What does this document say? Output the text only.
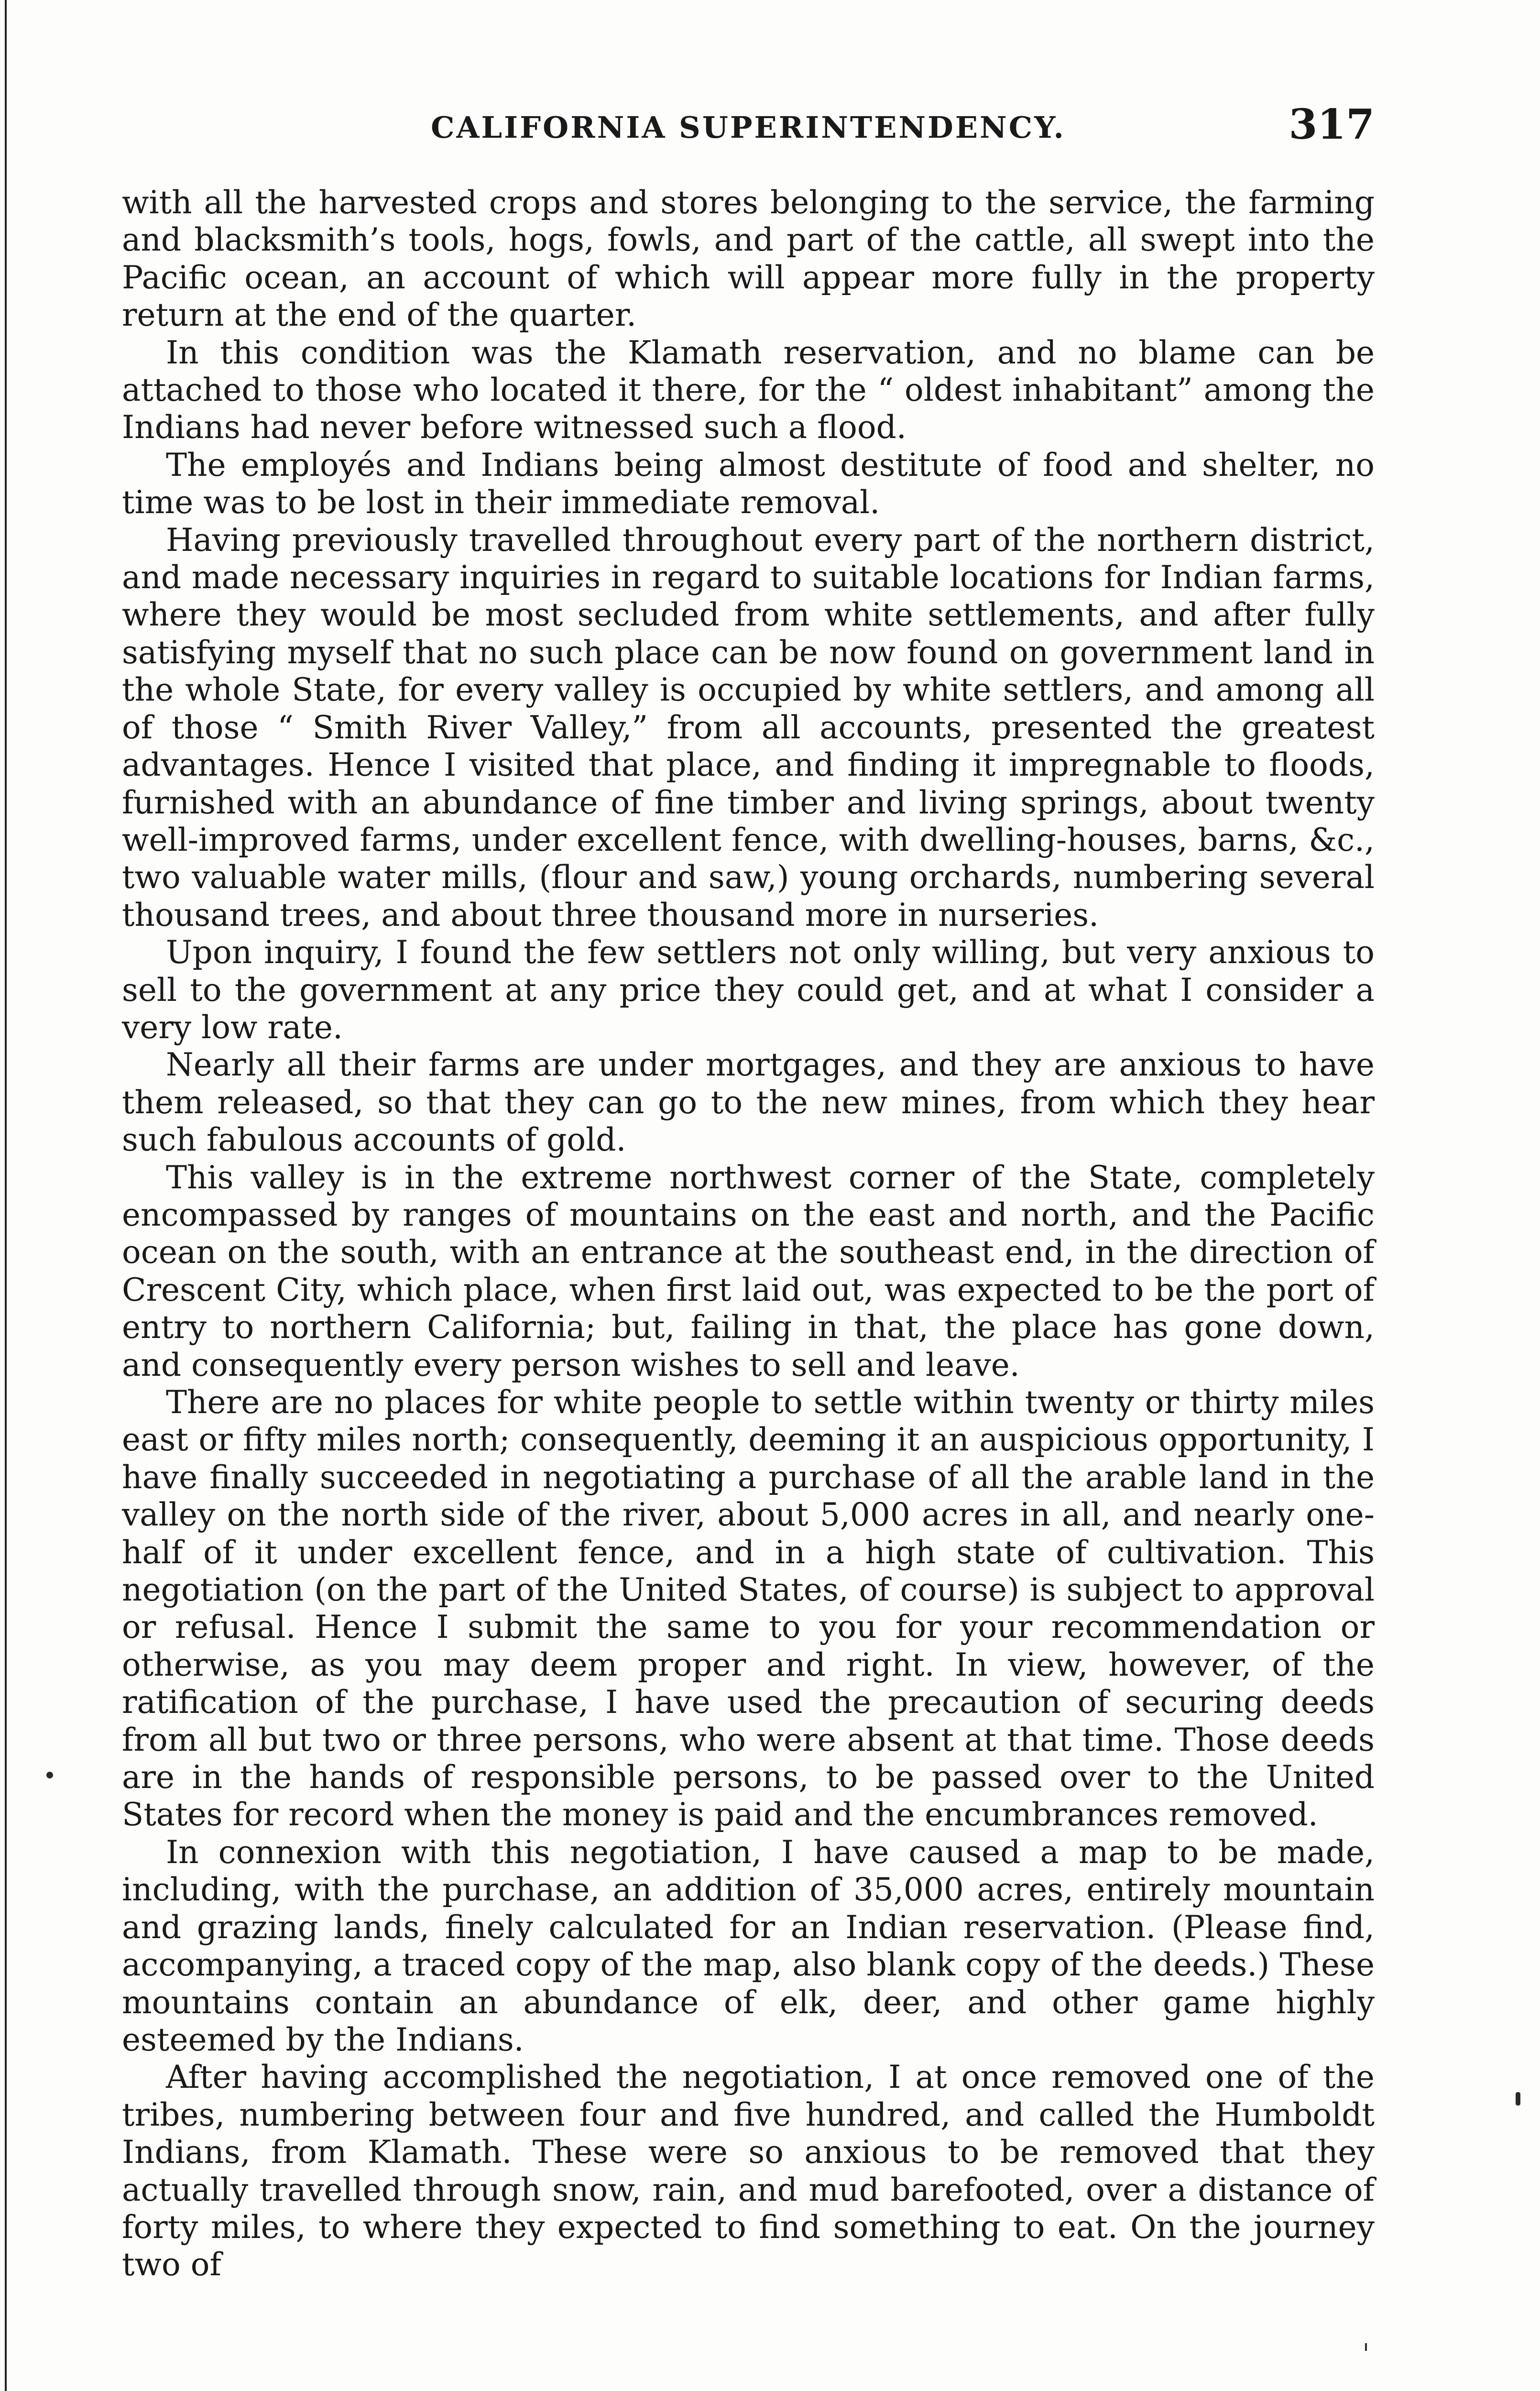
CALIFORNIA SUPERINTENDENCY.	317

with all the harvested crops and stores belonging to the service, the farming and blacksmith’s tools, hogs, fowls, and part of the cattle, all swept into the Pacific ocean, an account of which will appear more fully in the property return at the end of the quarter.

In this condition was the Klamath reservation, and no blame can be attached to those who located it there, for the “ oldest inhabitant” among the Indians had never before witnessed such a flood.

The employés and Indians being almost destitute of food and shelter, no time was to be lost in their immediate removal.

Having previously travelled throughout every part of the northern district, and made necessary inquiries in regard to suitable locations for Indian farms, where they would be most secluded from white settlements, and after fully satisfying myself that no such place can be now found on government land in the whole State, for every valley is occupied by white settlers, and among all of those “ Smith River Valley,” from all accounts, presented the greatest advantages. Hence I visited that place, and finding it impregnable to floods, furnished with an abundance of fine timber and living springs, about twenty well-improved farms, under excellent fence, with dwelling-houses, barns, &c., two valuable water mills, (flour and saw,) young orchards, numbering several thousand trees, and about three thousand more in nurseries.

Upon inquiry, I found the few settlers not only willing, but very anxious to sell to the government at any price they could get, and at what I consider a very low rate.

Nearly all their farms are under mortgages, and they are anxious to have them released, so that they can go to the new mines, from which they hear such fabulous accounts of gold.

This valley is in the extreme northwest corner of the State, completely encompassed by ranges of mountains on the east and north, and the Pacific ocean on the south, with an entrance at the southeast end, in the direction of Crescent City, which place, when first laid out, was expected to be the port of entry to northern California; but, failing in that, the place has gone down, and consequently every person wishes to sell and leave.

There are no places for white people to settle within twenty or thirty miles east or fifty miles north; consequently, deeming it an auspicious opportunity, I have finally succeeded in negotiating a purchase of all the arable land in the valley on the north side of the river, about 5,000 acres in all, and nearly one-half of it under excellent fence, and in a high state of cultivation. This negotiation (on the part of the United States, of course) is subject to approval or refusal. Hence I submit the same to you for your recommendation or otherwise, as you may deem proper and right. In view, however, of the ratification of the purchase, I have used the precaution of securing deeds from all but two or three persons, who were absent at that time. Those deeds are in the hands of responsible persons, to be passed over to the United States for record when the money is paid and the encumbrances removed.

In connexion with this negotiation, I have caused a map to be made, including, with the purchase, an addition of 35,000 acres, entirely mountain and grazing lands, finely calculated for an Indian reservation. (Please find, accompanying, a traced copy of the map, also blank copy of the deeds.) These mountains contain an abundance of elk, deer, and other game highly esteemed by the Indians.

After having accomplished the negotiation, I at once removed one of the tribes, numbering between four and five hundred, and called the Humboldt Indians, from Klamath. These were so anxious to be removed that they actually travelled through snow, rain, and mud barefooted, over a distance of forty miles, to where they expected to find something to eat. On the journey two of
